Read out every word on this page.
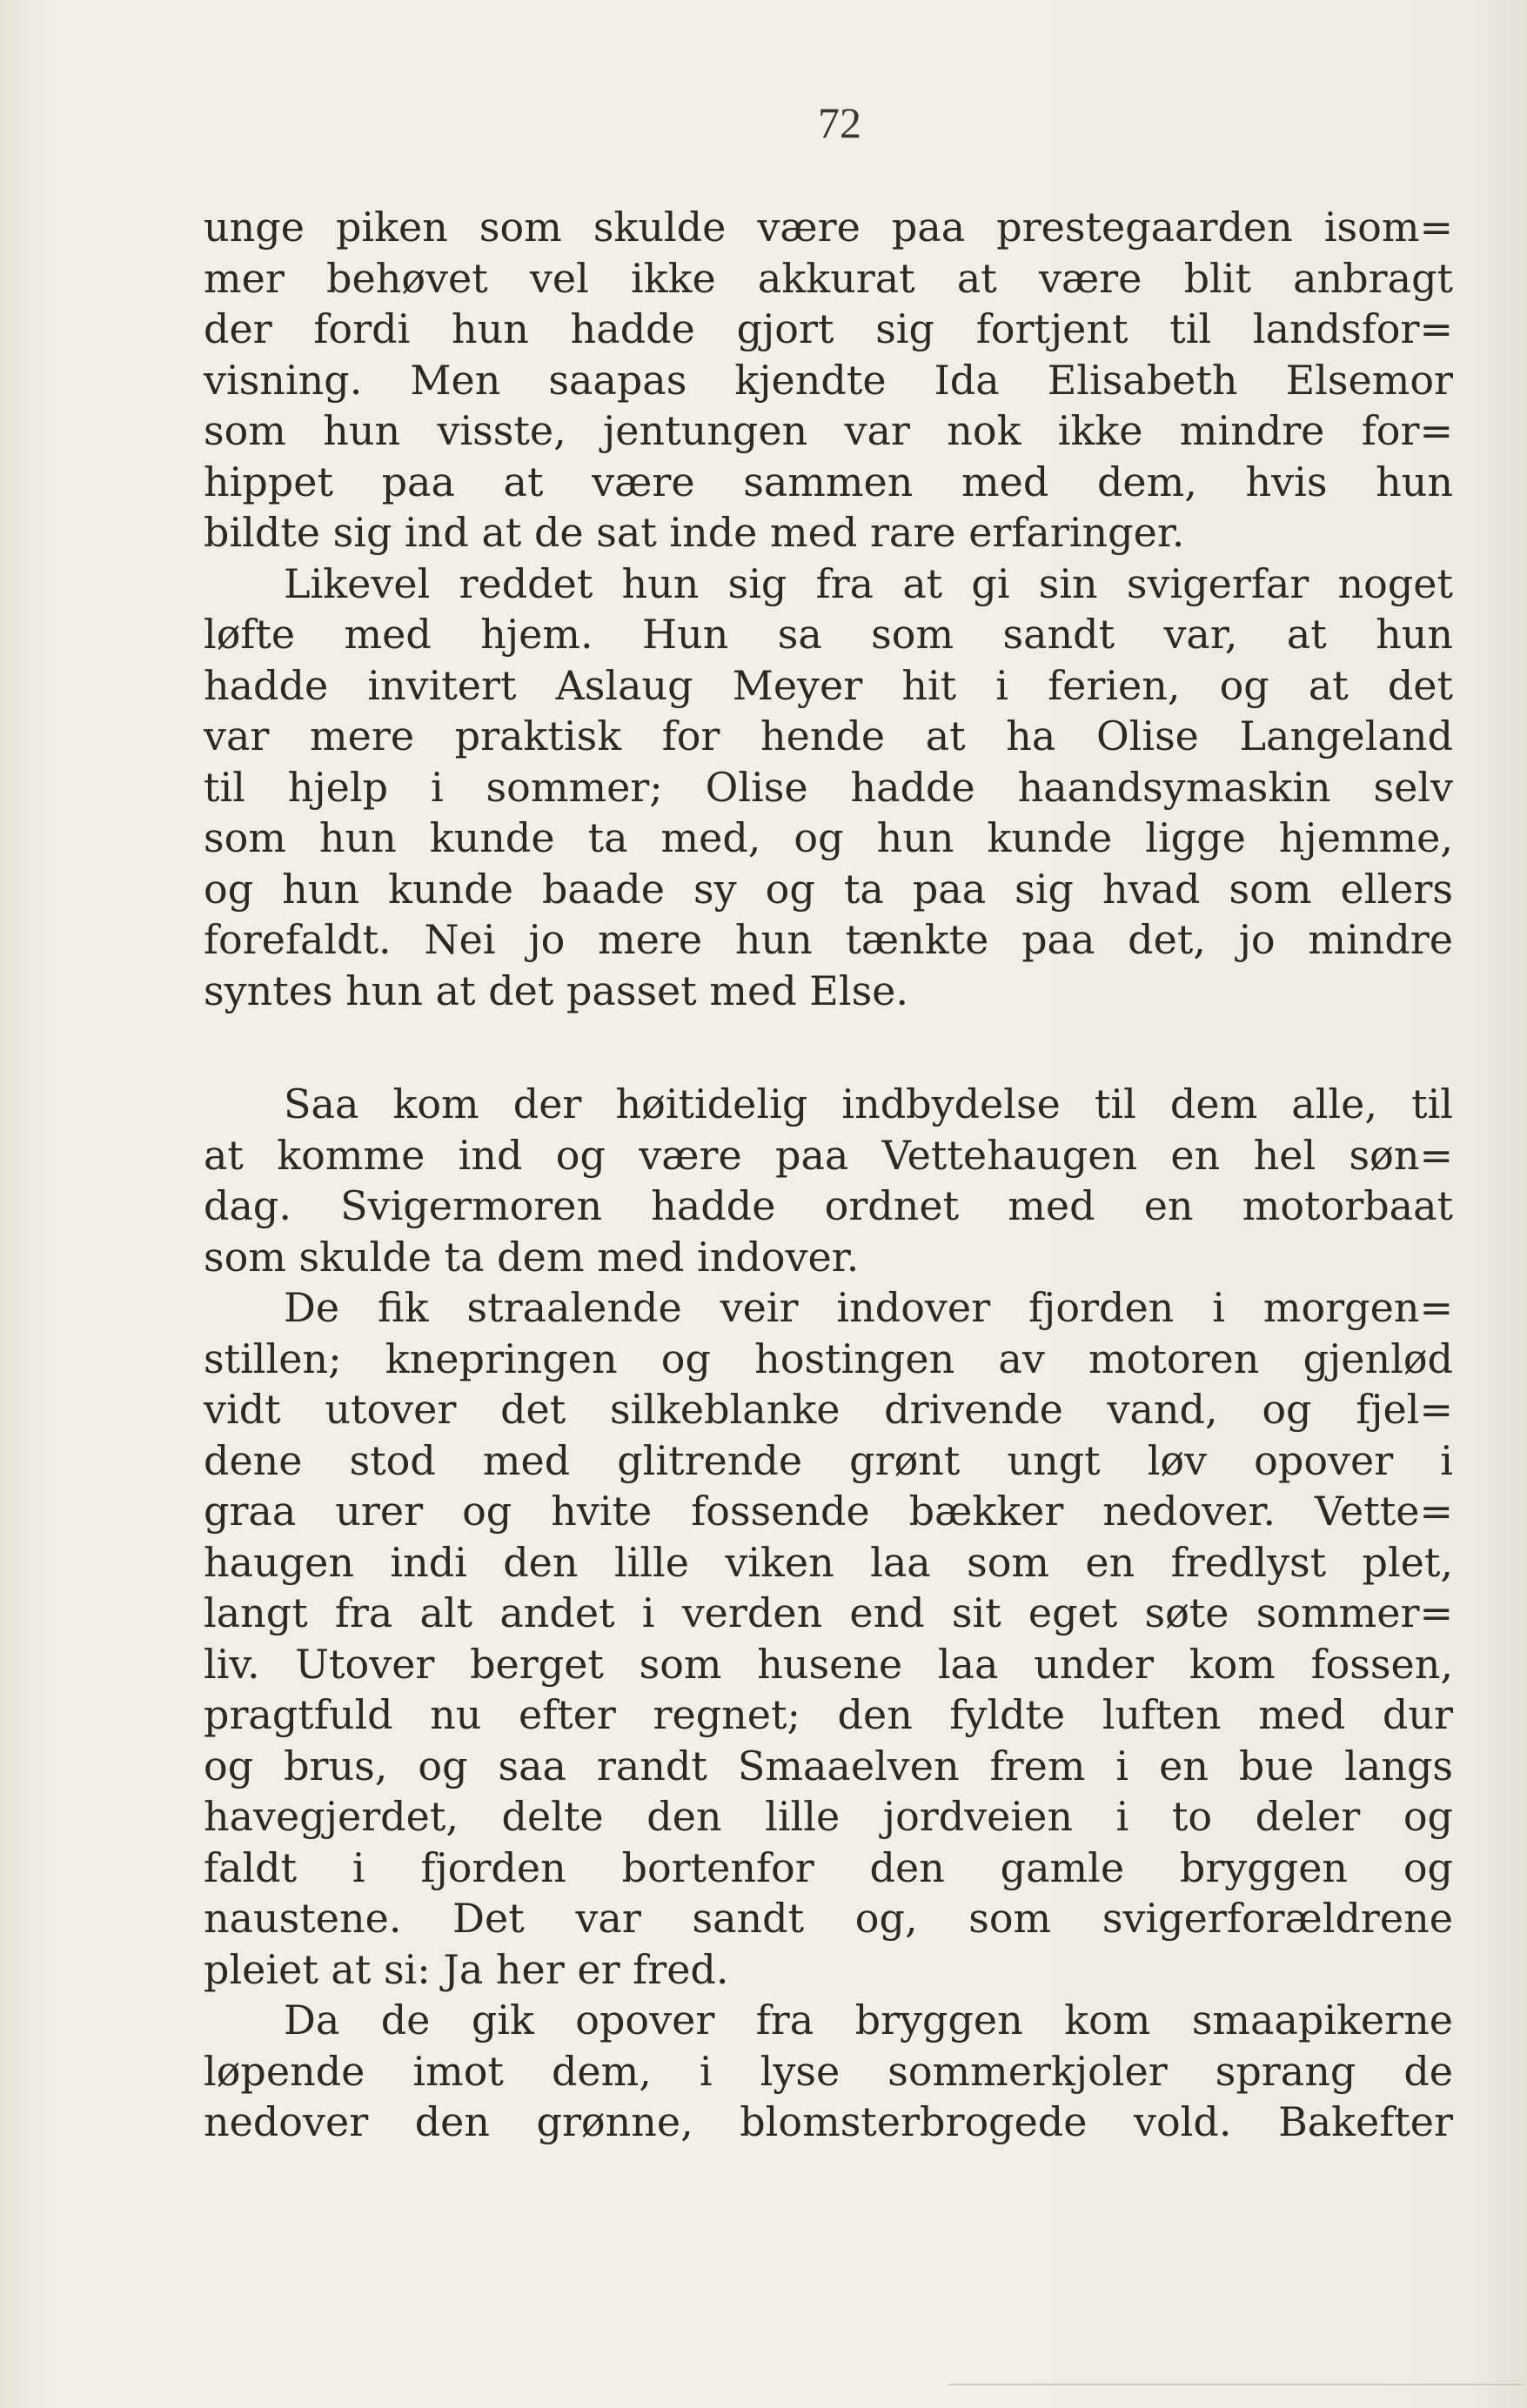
72
unge piken som skulde være paa prestegaarden isom=
mer behøvet vel ikke akkurat at være blit anbragt
der fordi hun hadde gjort sig fortjent til landsfor=
visning. Men saapas kjendte Ida Elisabeth Elsemor
som hun visste, jentungen var nok ikke mindre for=
hippet paa at være sammen med dem, hvis hun
bildte sig ind at de sat inde med rare erfaringer.
Likevel reddet hun sig fra at gi sin svigerfar noget
løfte med hjem. Hun sa som sandt var, at hun
hadde invitert Aslaug Meyer hit i ferien, og at det
var mere praktisk for hende at ha Olise Langeland
til hjelp i sommer; Olise hadde haandsymaskin selv
som hun kunde ta med, og hun kunde ligge hjemme,
og hun kunde baade sy og ta paa sig hvad som ellers
forefaldt. Nei jo mere hun tænkte paa det, jo mindre
syntes hun at det passet med Else.
Saa kom der høitidelig indbydelse til dem alle, til
at komme ind og være paa Vettehaugen en hel søn=
dag. Svigermoren hadde ordnet med en motorbaat
som skulde ta dem med indover.
De fik straalende veir indover fjorden i morgen=
stillen; knepringen og hostingen av motoren gjenlød
vidt utover det silkeblanke drivende vand, og fjel=
dene stod med glitrende grønt ungt løv opover i
graa urer og hvite fossende bækker nedover. Vette=
haugen indi den lille viken laa som en fredlyst plet,
langt fra alt andet i verden end sit eget søte sommer=
liv. Utover berget som husene laa under kom fossen,
pragtfuld nu efter regnet; den fyldte luften med dur
og brus, og saa randt Smaaelven frem i en bue langs
havegjerdet, delte den lille jordveien i to deler og
faldt i fjorden bortenfor den gamle bryggen og
naustene. Det var sandt og, som svigerforældrene
pleiet at si: Ja her er fred.
Da de gik opover fra bryggen kom smaapikerne
løpende imot dem, i lyse sommerkjoler sprang de
nedover den grønne, blomsterbrogede vold. Bakefter
